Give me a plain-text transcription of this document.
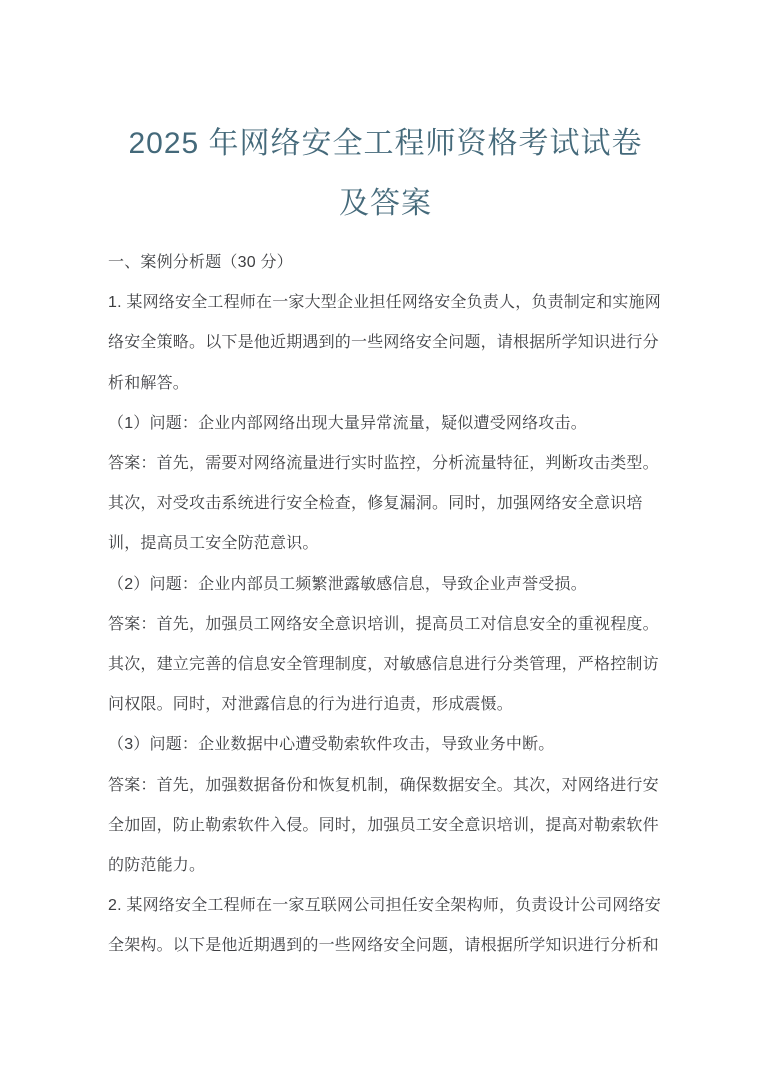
2025 年网络安全工程师资格考试试卷
及答案
一、案例分析题（30 分）
1. 某网络安全工程师在一家大型企业担任网络安全负责人，负责制定和实施网
络安全策略。以下是他近期遇到的一些网络安全问题，请根据所学知识进行分
析和解答。
（1）问题：企业内部网络出现大量异常流量，疑似遭受网络攻击。
答案：首先，需要对网络流量进行实时监控，分析流量特征，判断攻击类型。
其次，对受攻击系统进行安全检查，修复漏洞。同时，加强网络安全意识培
训，提高员工安全防范意识。
（2）问题：企业内部员工频繁泄露敏感信息，导致企业声誉受损。
答案：首先，加强员工网络安全意识培训，提高员工对信息安全的重视程度。
其次，建立完善的信息安全管理制度，对敏感信息进行分类管理，严格控制访
问权限。同时，对泄露信息的行为进行追责，形成震慑。
（3）问题：企业数据中心遭受勒索软件攻击，导致业务中断。
答案：首先，加强数据备份和恢复机制，确保数据安全。其次，对网络进行安
全加固，防止勒索软件入侵。同时，加强员工安全意识培训，提高对勒索软件
的防范能力。
2. 某网络安全工程师在一家互联网公司担任安全架构师，负责设计公司网络安
全架构。以下是他近期遇到的一些网络安全问题，请根据所学知识进行分析和
